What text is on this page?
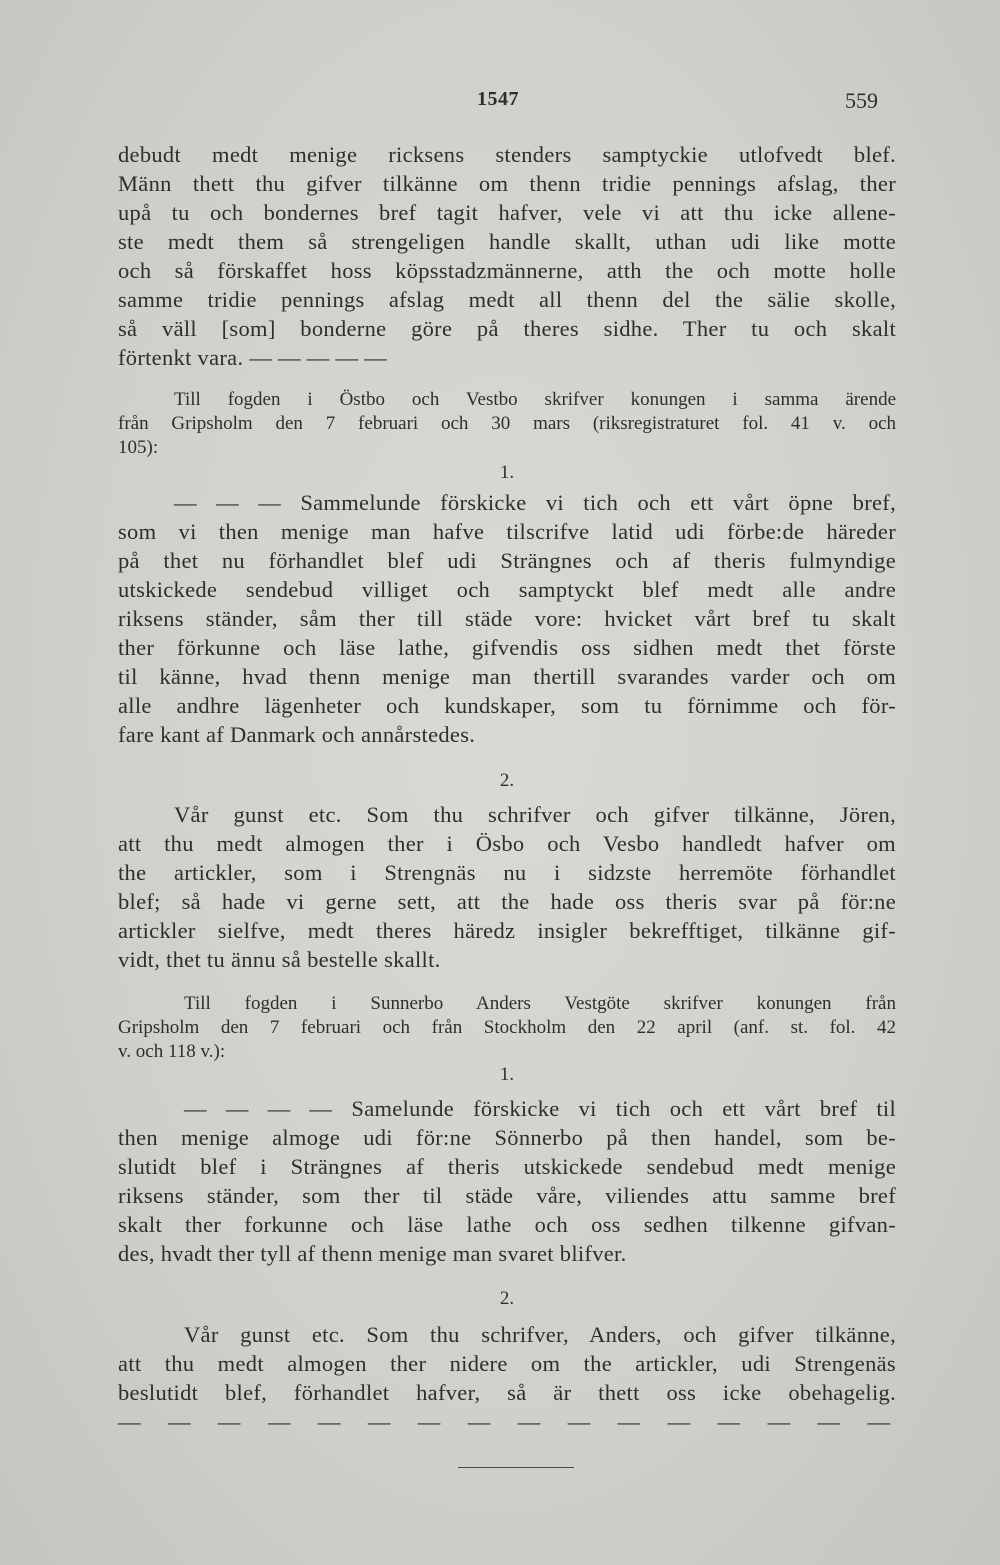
1547	559
debudt medt menige ricksens stenders samptyckie utlofvedt blef.
Männ thett thu gifver tilkänne om thenn tridie pennings afslag, ther
upå tu och bondernes bref tagit hafver, vele vi att thu icke allene-
ste medt them så strengeligen handle skallt, uthan udi like motte
och så förskaffet hoss köpsstadzmännerne, atth the och motte holle
samme tridie pennings afslag medt all thenn del the sälie skolle,
så väll [som] bonderne göre på theres sidhe. Ther tu och skalt
förtenkt vara. — — — — —
Till fogden i Östbo och Vestbo skrifver konungen i samma ärende
från Gripsholm den 7 februari och 30 mars (riksregistraturet fol. 41 v. och
105):
1.
— — — Sammelunde förskicke vi tich och ett vårt öpne bref,
som vi then menige man hafve tilscrifve latid udi förbe:de häreder
på thet nu förhandlet blef udi Strängnes och af theris fulmyndige
utskickede sendebud villiget och samptyckt blef medt alle andre
riksens ständer, såm ther till städe vore: hvicket vårt bref tu skalt
ther förkunne och läse lathe, gifvendis oss sidhen medt thet förste
til känne, hvad thenn menige man thertill svarandes varder och om
alle andhre lägenheter och kundskaper, som tu förnimme och för-
fare kant af Danmark och annårstedes.
2.
Vår gunst etc. Som thu schrifver och gifver tilkänne, Jören,
att thu medt almogen ther i Ösbo och Vesbo handledt hafver om
the artickler, som i Strengnäs nu i sidzste herremöte förhandlet
blef; så hade vi gerne sett, att the hade oss theris svar på för:ne
artickler sielfve, medt theres häredz insigler bekrefftiget, tilkänne gif-
vidt, thet tu ännu så bestelle skallt.
Till fogden i Sunnerbo Anders Vestgöte skrifver konungen från
Gripsholm den 7 februari och från Stockholm den 22 april (anf. st. fol. 42
v. och 118 v.):
1.
— — — — Samelunde förskicke vi tich och ett vårt bref til
then menige almoge udi för:ne Sönnerbo på then handel, som be-
slutidt blef i Strängnes af theris utskickede sendebud medt menige
riksens ständer, som ther til städe våre, viliendes attu samme bref
skalt ther forkunne och läse lathe och oss sedhen tilkenne gifvan-
des, hvadt ther tyll af thenn menige man svaret blifver.
2.
Vår gunst etc. Som thu schrifver, Anders, och gifver tilkänne,
att thu medt almogen ther nidere om the artickler, udi Strengenäs
beslutidt blef, förhandlet hafver, så är thett oss icke obehagelig.
— — — — — — — — — — — — — — — —
